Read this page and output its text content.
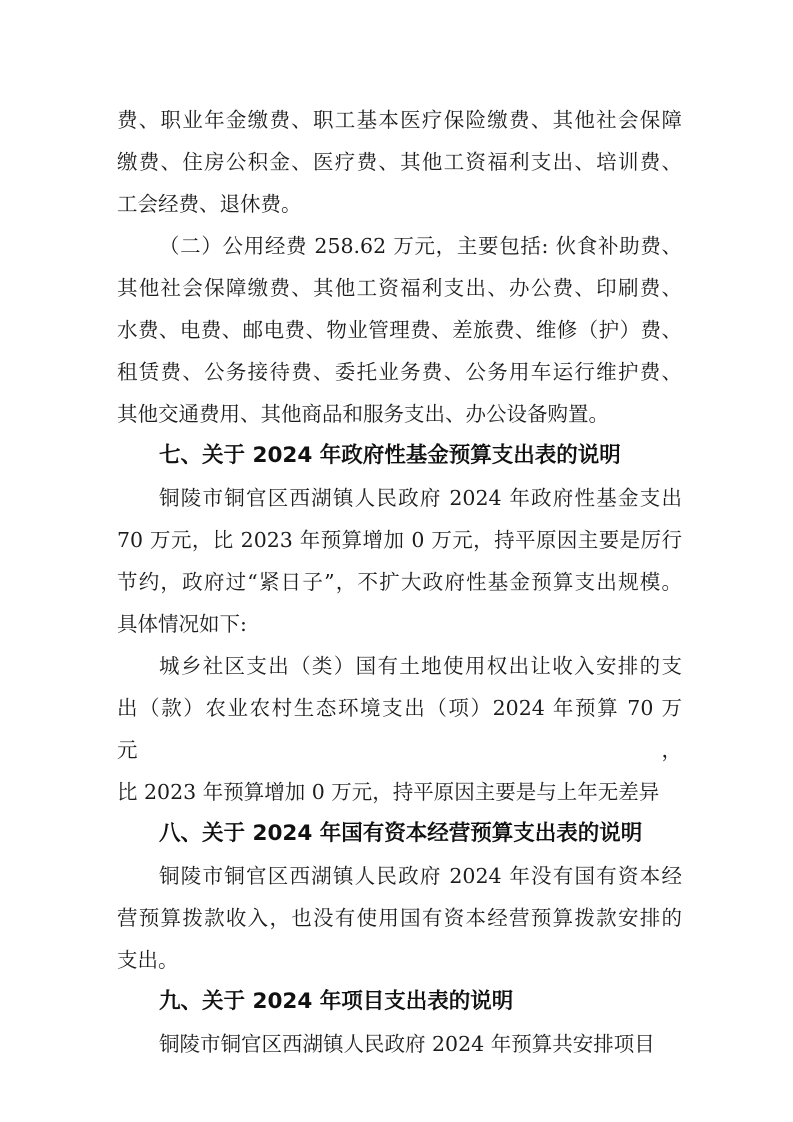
费、职业年金缴费、职工基本医疗保险缴费、其他社会保障
缴费、住房公积金、医疗费、其他工资福利支出、培训费、
工会经费、退休费。
（二）公用经费 258.62 万元，主要包括: 伙食补助费、
其他社会保障缴费、其他工资福利支出、办公费、印刷费、
水费、电费、邮电费、物业管理费、差旅费、维修（护）费、
租赁费、公务接待费、委托业务费、公务用车运行维护费、
其他交通费用、其他商品和服务支出、办公设备购置。
七、关于 2024 年政府性基金预算支出表的说明
铜陵市铜官区西湖镇人民政府 2024 年政府性基金支出
70 万元，比 2023 年预算增加 0 万元，持平原因主要是厉行
节约，政府过“紧日子”，不扩大政府性基金预算支出规模。
具体情况如下:
城乡社区支出（类）国有土地使用权出让收入安排的支
出（款）农业农村生态环境支出（项）2024 年预算 70 万元，
比 2023 年预算增加 0 万元，持平原因主要是与上年无差异
八、关于 2024 年国有资本经营预算支出表的说明
铜陵市铜官区西湖镇人民政府 2024 年没有国有资本经
营预算拨款收入，也没有使用国有资本经营预算拨款安排的
支出。
九、关于 2024 年项目支出表的说明
铜陵市铜官区西湖镇人民政府 2024 年预算共安排项目
